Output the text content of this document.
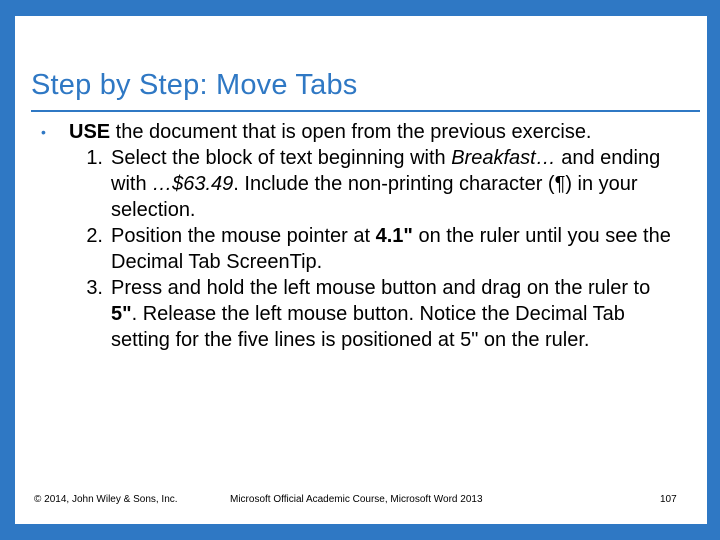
Step by Step: Move Tabs
•	USE the document that is open from the previous exercise.
1. Select the block of text beginning with Breakfast… and ending with …$63.49. Include the non-printing character (¶) in your selection.
2. Position the mouse pointer at 4.1" on the ruler until you see the Decimal Tab ScreenTip.
3. Press and hold the left mouse button and drag on the ruler to 5". Release the left mouse button. Notice the Decimal Tab setting for the five lines is positioned at 5" on the ruler.
© 2014, John Wiley & Sons, Inc.	Microsoft Official Academic Course, Microsoft Word 2013	107
